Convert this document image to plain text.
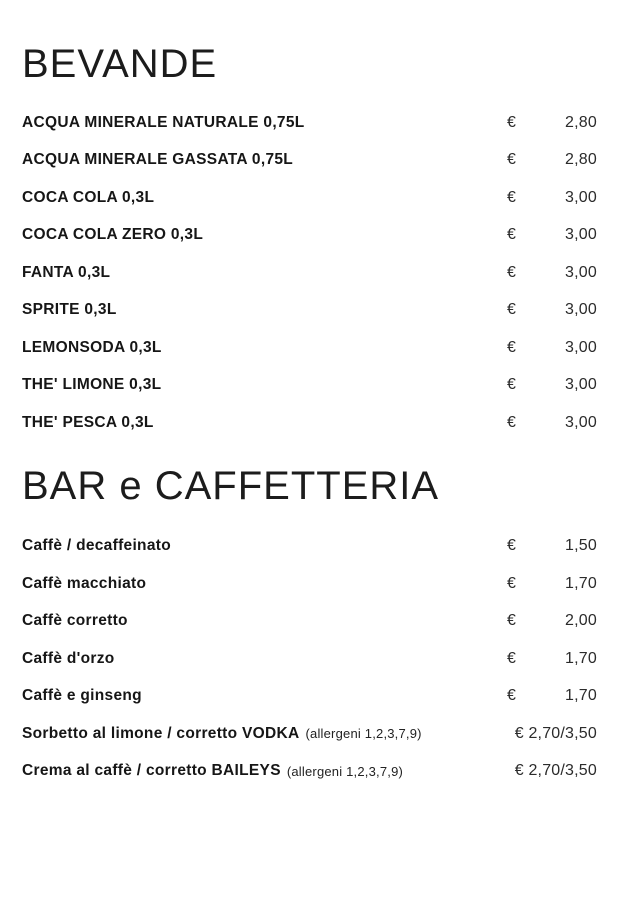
BEVANDE
ACQUA MINERALE NATURALE 0,75L	€	2,80
ACQUA MINERALE GASSATA 0,75L	€	2,80
COCA COLA 0,3L	€	3,00
COCA COLA ZERO 0,3L	€	3,00
FANTA 0,3L	€	3,00
SPRITE 0,3L	€	3,00
LEMONSODA 0,3L	€	3,00
THE' LIMONE 0,3L	€	3,00
THE' PESCA 0,3L	€	3,00
BAR e CAFFETTERIA
Caffè / decaffeinato	€	1,50
Caffè macchiato	€	1,70
Caffè corretto	€	2,00
Caffè d'orzo	€	1,70
Caffè e ginseng	€	1,70
Sorbetto al limone / corretto VODKA (allergeni 1,2,3,7,9)	€ 2,70/3,50
Crema al caffè / corretto BAILEYS (allergeni 1,2,3,7,9)	€ 2,70/3,50
